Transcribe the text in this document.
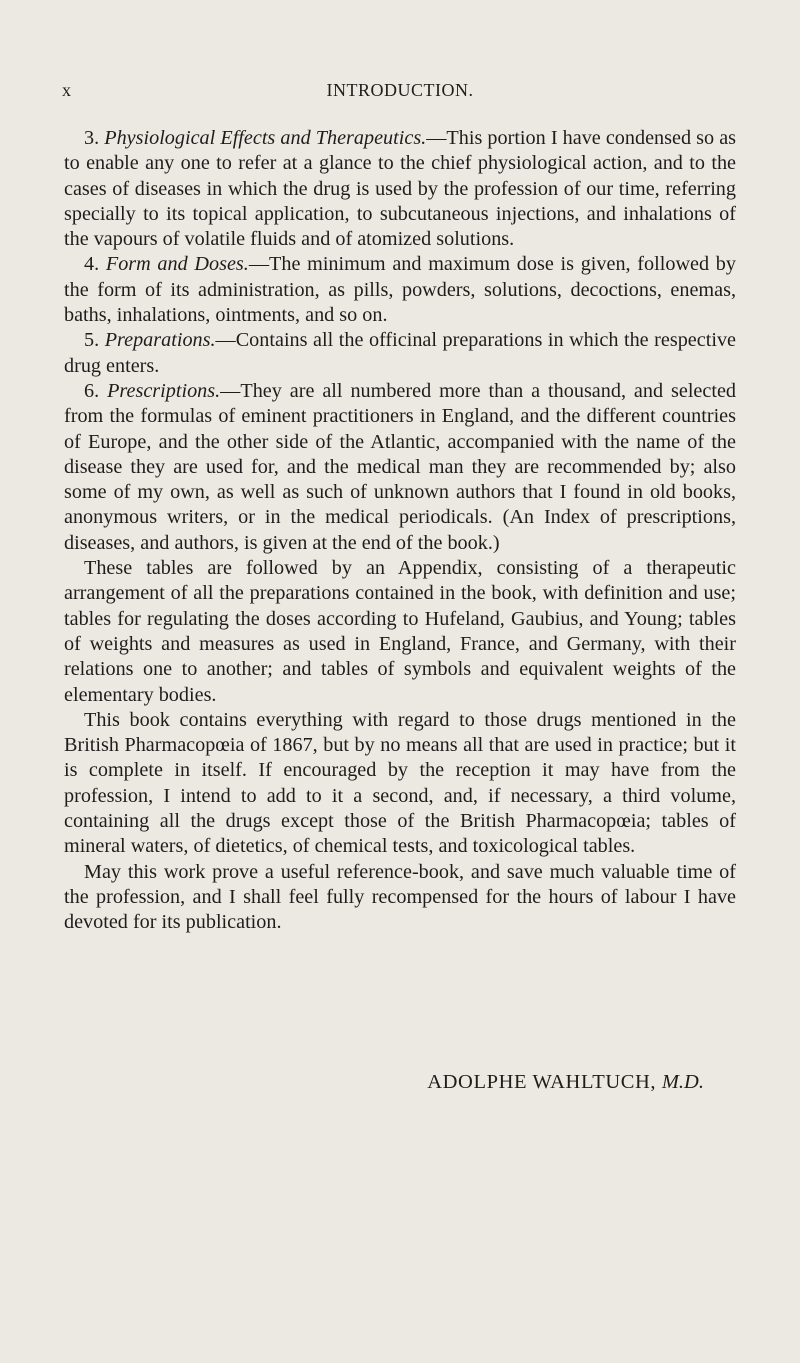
x	INTRODUCTION.

3. Physiological Effects and Therapeutics.—This portion I have condensed so as to enable any one to refer at a glance to the chief physiological action, and to the cases of diseases in which the drug is used by the profession of our time, referring specially to its topical application, to subcutaneous injections, and inhalations of the vapours of volatile fluids and of atomized solutions.

4. Form and Doses.—The minimum and maximum dose is given, followed by the form of its administration, as pills, powders, solutions, decoctions, enemas, baths, inhalations, ointments, and so on.

5. Preparations.—Contains all the officinal preparations in which the respective drug enters.

6. Prescriptions.—They are all numbered more than a thousand, and selected from the formulas of eminent practitioners in England, and the different countries of Europe, and the other side of the Atlantic, accompanied with the name of the disease they are used for, and the medical man they are recommended by; also some of my own, as well as such of unknown authors that I found in old books, anonymous writers, or in the medical periodicals. (An Index of prescriptions, diseases, and authors, is given at the end of the book.)

These tables are followed by an Appendix, consisting of a therapeutic arrangement of all the preparations contained in the book, with definition and use; tables for regulating the doses according to Hufeland, Gaubius, and Young; tables of weights and measures as used in England, France, and Germany, with their relations one to another; and tables of symbols and equivalent weights of the elementary bodies.

This book contains everything with regard to those drugs mentioned in the British Pharmacopœia of 1867, but by no means all that are used in practice; but it is complete in itself. If encouraged by the reception it may have from the profession, I intend to add to it a second, and, if necessary, a third volume, containing all the drugs except those of the British Pharmacopœia; tables of mineral waters, of dietetics, of chemical tests, and toxicological tables.

May this work prove a useful reference-book, and save much valuable time of the profession, and I shall feel fully recompensed for the hours of labour I have devoted for its publication.

ADOLPHE WAHLTUCH, M.D.
